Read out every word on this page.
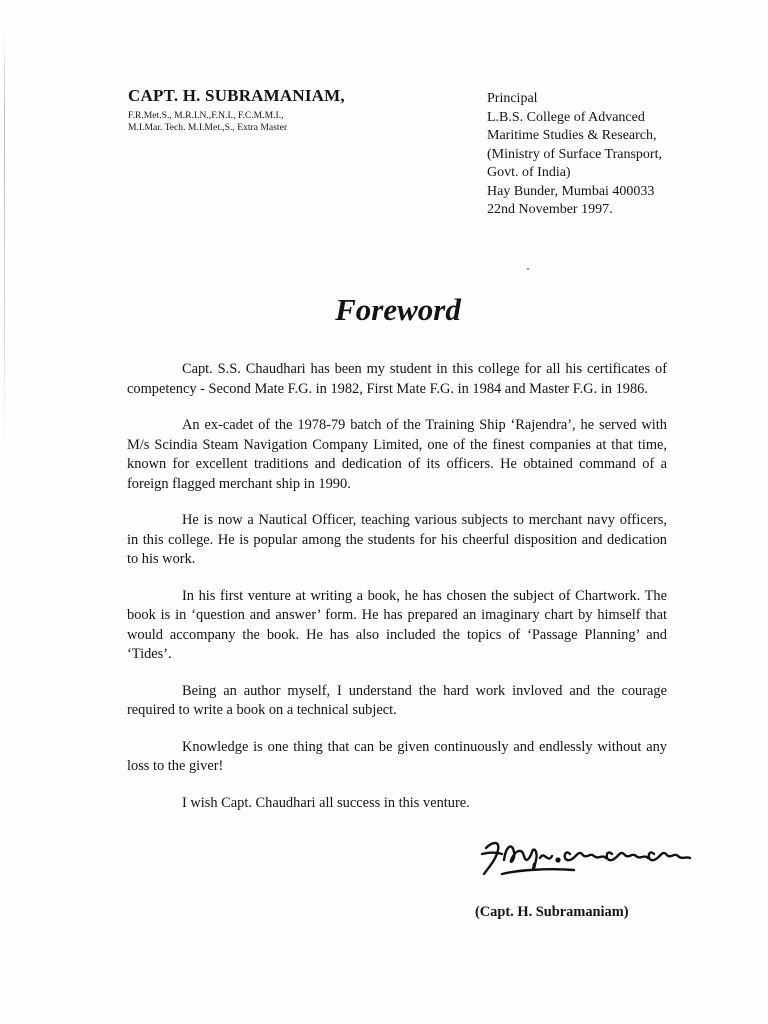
CAPT. H. SUBRAMANIAM,
F.R.Met.S., M.R.I.N.,F.N.I., F.C.M.M.I.,
M.I.Mar. Tech. M.I.Met.,S., Extra Master
Principal
L.B.S. College of Advanced
Maritime Studies & Research,
(Ministry of Surface Transport,
Govt. of India)
Hay Bunder, Mumbai 400033
22nd November 1997.
Foreword

Capt. S.S. Chaudhari has been my student in this college for all his certificates of competency - Second Mate F.G. in 1982, First Mate F.G. in 1984 and Master F.G. in 1986.

An ex-cadet of the 1978-79 batch of the Training Ship ‘Rajendra’, he served with M/s Scindia Steam Navigation Company Limited, one of the finest companies at that time, known for excellent traditions and dedication of its officers. He obtained command of a foreign flagged merchant ship in 1990.

He is now a Nautical Officer, teaching various subjects to merchant navy officers, in this college. He is popular among the students for his cheerful disposition and dedication to his work.

In his first venture at writing a book, he has chosen the subject of Chartwork. The book is in ‘question and answer’ form. He has prepared an imaginary chart by himself that would accompany the book. He has also included the topics of ‘Passage Planning’ and ‘Tides’.

Being an author myself, I understand the hard work invloved and the courage required to write a book on a technical subject.

Knowledge is one thing that can be given continuously and endlessly without any loss to the giver!

I wish Capt. Chaudhari all success in this venture.

(Capt. H. Subramaniam)
